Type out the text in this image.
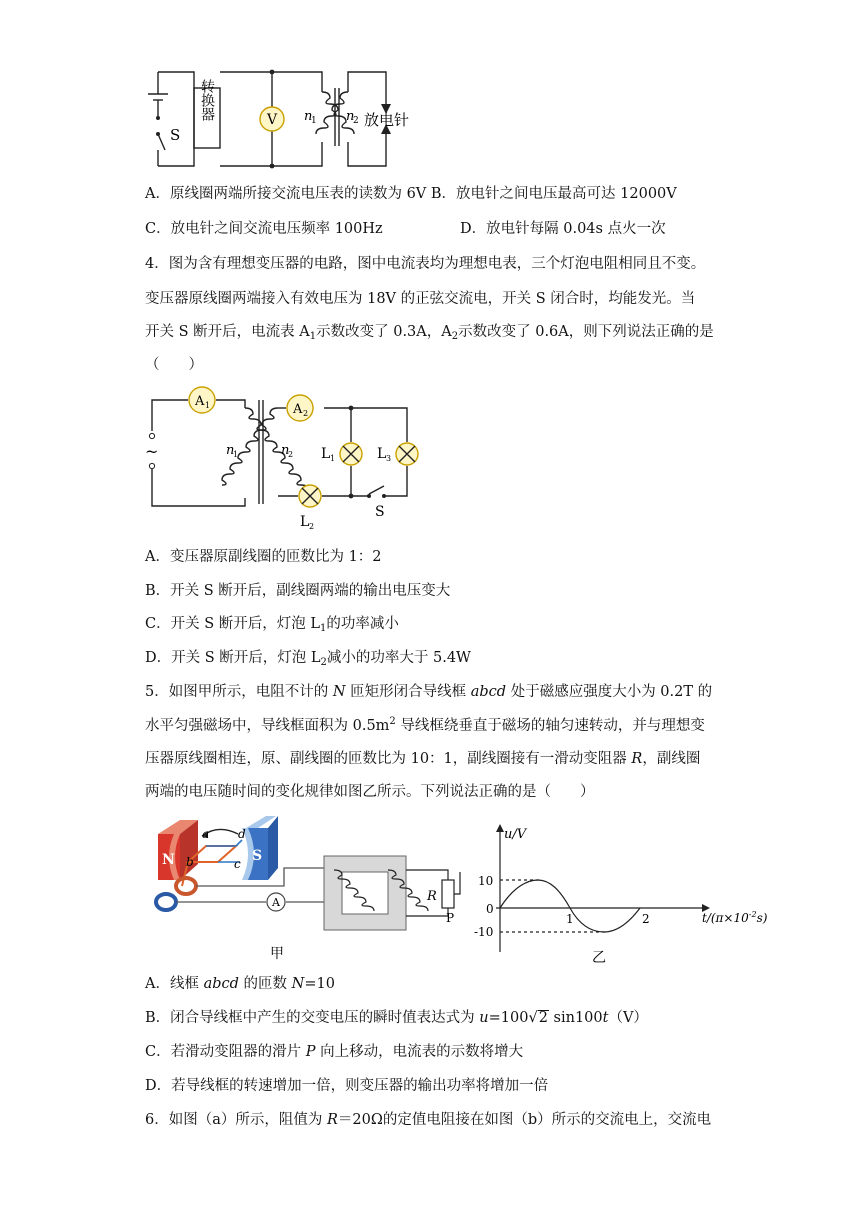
S
转换器	V n
1 n
2 放电针
A．原线圈两端所接交流电压表的读数为 6V B．放电针之间电压最高可达 12000V
C．放电针之间交流电压频率 100Hz	D．放电针每隔 0.04s 点火一次
4．图为含有理想变压器的电路，图中电流表均为理想电表，三个灯泡电阻相同且不变。
变压器原线圈两端接入有效电压为 18V 的正弦交流电，开关 S 闭合时，均能发光。当
开关 S 断开后，电流表 $A_1$示数改变了 0.3A，$A_2$示数改变了 0.6A，则下列说法正确的是
（　　）
~
A 1	A 2
n
1	n
2 L 1	L 3
L 2
S
A．变压器原副线圈的匝数比为 1：2
B．开关 S 断开后，副线圈两端的输出电压变大
C．开关 S 断开后，灯泡 $L_1$的功率减小
D．开关 S 断开后，灯泡 $L_2$减小的功率大于 5.4W
5．如图甲所示，电阻不计的 N 匝矩形闭合导线框 abcd 处于磁感应强度大小为 0.2T 的
水平匀强磁场中，导线框面积为 $0.5m^2$ 导线框绕垂直于磁场的轴匀速转动，并与理想变
压器原线圈相连，原、副线圈的匝数比为 10：1，副线圈接有一滑动变阻器 R，副线圈
两端的电压随时间的变化规律如图乙所示。下列说法正确的是（　　）
N	S
a
b	c
d
A	R
P
甲
u/V
10
0
-10
1	2	$t/(\pi\times 10^{-2}s)$
乙
A．线框 abcd 的匝数 N=10
B．闭合导线框中产生的交变电压的瞬时值表达式为 u=100√2 sin100t（V）
C．若滑动变阻器的滑片 P 向上移动，电流表的示数将增大
D．若导线框的转速增加一倍，则变压器的输出功率将增加一倍
6．如图（a）所示，阻值为 R＝20Ω的定值电阻接在如图（b）所示的交流电上，交流电
